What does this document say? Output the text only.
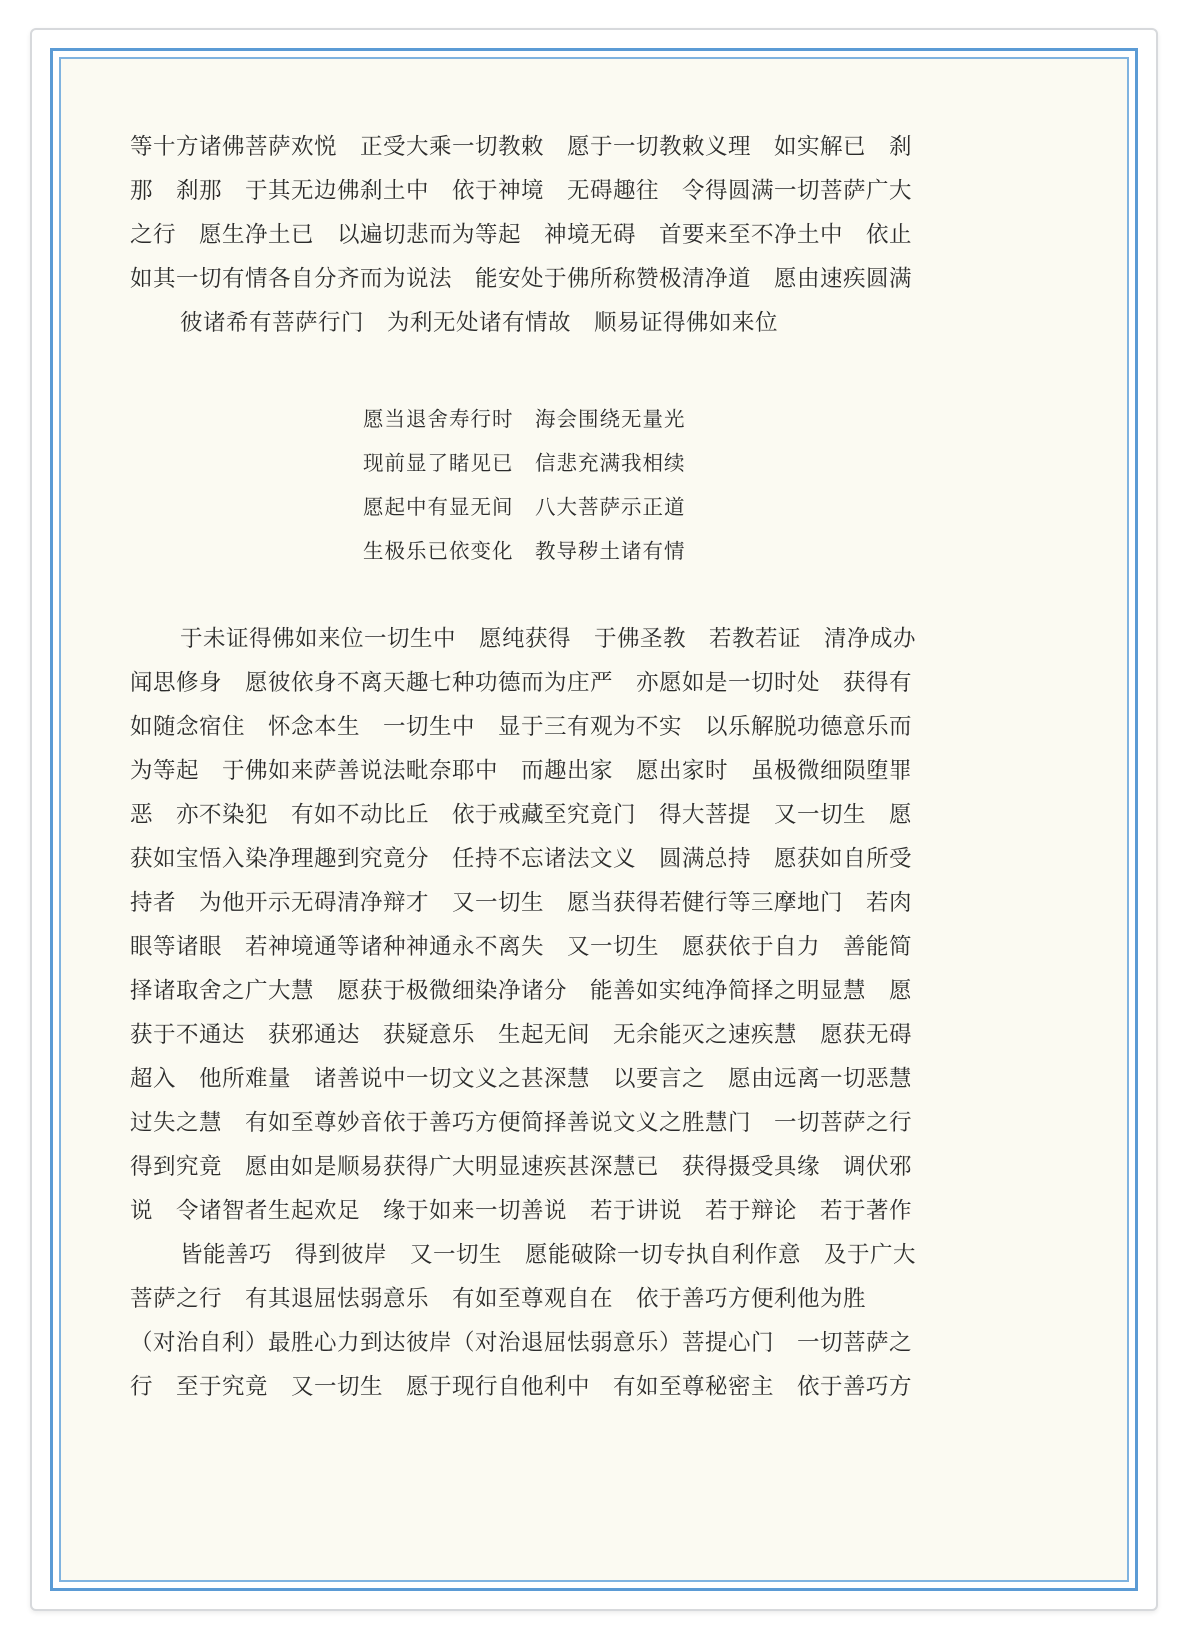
等十方诸佛菩萨欢悦　正受大乘一切教敕　愿于一切教敕义理　如实解已　刹
那　刹那　于其无边佛刹土中　依于神境　无碍趣往　令得圆满一切菩萨广大
之行　愿生净土已　以遍切悲而为等起　神境无碍　首要来至不净土中　依止
如其一切有情各自分齐而为说法　能安处于佛所称赞极清净道　愿由速疾圆满
彼诸希有菩萨行门　为利无处诸有情故　顺易证得佛如来位
愿当退舍寿行时　海会围绕无量光
现前显了睹见已　信悲充满我相续
愿起中有显无间　八大菩萨示正道
生极乐已依变化　教导秽土诸有情
于未证得佛如来位一切生中　愿纯获得　于佛圣教　若教若证　清净成办
闻思修身　愿彼依身不离天趣七种功德而为庄严　亦愿如是一切时处　获得有
如随念宿住　怀念本生　一切生中　显于三有观为不实　以乐解脱功德意乐而
为等起　于佛如来萨善说法毗奈耶中　而趣出家　愿出家时　虽极微细陨堕罪
恶　亦不染犯　有如不动比丘　依于戒藏至究竟门　得大菩提　又一切生　愿
获如宝悟入染净理趣到究竟分　任持不忘诸法文义　圆满总持　愿获如自所受
持者　为他开示无碍清净辩才　又一切生　愿当获得若健行等三摩地门　若肉
眼等诸眼　若神境通等诸种神通永不离失　又一切生　愿获依于自力　善能简
择诸取舍之广大慧　愿获于极微细染净诸分　能善如实纯净简择之明显慧　愿
获于不通达　获邪通达　获疑意乐　生起无间　无余能灭之速疾慧　愿获无碍
超入　他所难量　诸善说中一切文义之甚深慧　以要言之　愿由远离一切恶慧
过失之慧　有如至尊妙音依于善巧方便简择善说文义之胜慧门　一切菩萨之行
得到究竟　愿由如是顺易获得广大明显速疾甚深慧已　获得摄受具缘　调伏邪
说　令诸智者生起欢足　缘于如来一切善说　若于讲说　若于辩论　若于著作
皆能善巧　得到彼岸　又一切生　愿能破除一切专执自利作意　及于广大
菩萨之行　有其退屈怯弱意乐　有如至尊观自在　依于善巧方便利他为胜
（对治自利）最胜心力到达彼岸（对治退屈怯弱意乐）菩提心门　一切菩萨之
行　至于究竟　又一切生　愿于现行自他利中　有如至尊秘密主　依于善巧方
